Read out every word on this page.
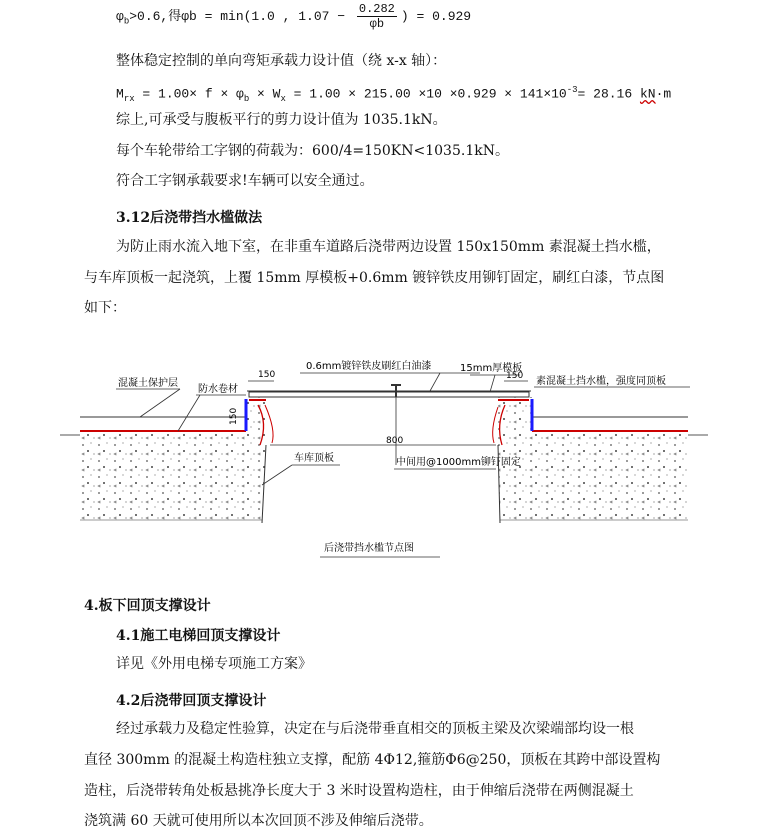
$\varphi_b>0.6$,得φb = min(1.0 , $1.07 - \frac{0.282}{\varphi b}$ ) = 0.929
整体稳定控制的单向弯矩承载力设计值（绕 x-x 轴）：
$M_{rx} = 1.00\times f \times \varphi_b \times W_x = 1.00 \times 215.00 \times 10 \times 0.929 \times 141\times 10^{-3}= 28.16$ kN·m
综上,可承受与腹板平行的剪力设计值为 1035.1kN。
每个车轮带给工字钢的荷载为：600/4=150KN<1035.1kN。
符合工字钢承载要求!车辆可以安全通过。
3.12后浇带挡水槛做法
为防止雨水流入地下室，在非重车道路后浇带两边设置 150x150mm 素混凝土挡水槛，
与车库顶板一起浇筑，上覆 15mm 厚模板+0.6mm 镀锌铁皮用铆钉固定，刷红白漆，节点图
如下：
150	150
150
800
0.6mm镀锌铁皮刷红白油漆	15mm厚模板
混凝土保护层
防水卷材
素混凝土挡水槛，强度同顶板
车库顶板	中间用@1000mm铆钉固定
后浇带挡水槛节点图
4.板下回顶支撑设计
4.1施工电梯回顶支撑设计
详见《外用电梯专项施工方案》
4.2后浇带回顶支撑设计
经过承载力及稳定性验算，决定在与后浇带垂直相交的顶板主梁及次梁端部均设一根
直径 300mm 的混凝土构造柱独立支撑，配筋 4Φ12,箍筋Φ6@250，顶板在其跨中部设置构
造柱，后浇带转角处板悬挑净长度大于 3 米时设置构造柱，由于伸缩后浇带在两侧混凝土
浇筑满 60 天就可使用所以本次回顶不涉及伸缩后浇带。
